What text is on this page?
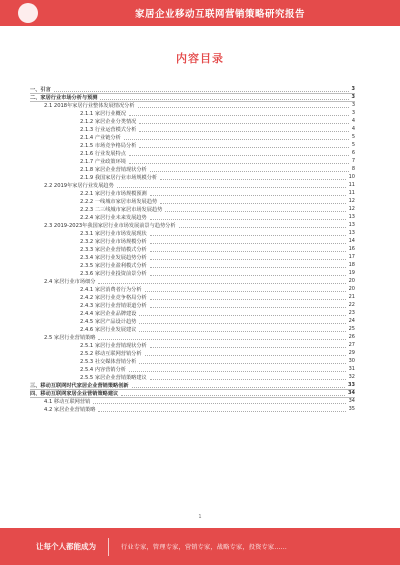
家居企业移动互联网营销策略研究报告
内容目录
一、引言	3
二、家居行业市场分析与预测	3
2.1 2018年家居行业整体发展情况分析	3
2.1.1 家居行业概况	3
2.1.2 家居企业分类情况	4
2.1.3 行业运营模式分析	4
2.1.4 产业链分析	5
2.1.5 市场竞争格局分析	5
2.1.6 行业发展特点	6
2.1.7 产业政策环境	7
2.1.8 家居企业营销现状分析	8
2.1.9 我国家居行业市场规模分析	10
2.2 2019年家居行业发展趋势	11
2.2.1 家居行业市场规模预测	11
2.2.2 一线城市家居市场发展趋势	12
2.2.3 二三线城市家居市场发展趋势	12
2.2.4 家居行业未来发展趋势	13
2.3 2019-2023年我国家居行业市场发展前景与趋势分析	13
2.3.1 家居行业市场发展现状	13
2.3.2 家居行业市场规模分析	14
2.3.3 家居企业营销模式分析	16
2.3.4 家居行业发展趋势分析	17
2.3.5 家居行业盈利模式分析	18
2.3.6 家居行业投资前景分析	19
2.4 家居行业市场细分	20
2.4.1 家居消费者行为分析	20
2.4.2 家居行业竞争格局分析	21
2.4.3 家居行业营销渠道分析	22
2.4.4 家居企业品牌建设	23
2.4.5 家居产品设计趋势	24
2.4.6 家居行业发展建议	25
2.5 家居行业营销策略	26
2.5.1 家居行业营销现状分析	27
2.5.2 移动互联网营销分析	29
2.5.3 社交媒体营销分析	30
2.5.4 内容营销分析	31
2.5.5 家居企业营销策略建议	32
三、移动互联网时代家居企业营销策略创新	33
四、移动互联网家居企业营销策略建议	34
4.1 移动互联网营销	34
4.2 家居企业营销策略	35
1
让每个人都能成为	行业专家，管理专家，营销专家，战略专家，投资专家……
